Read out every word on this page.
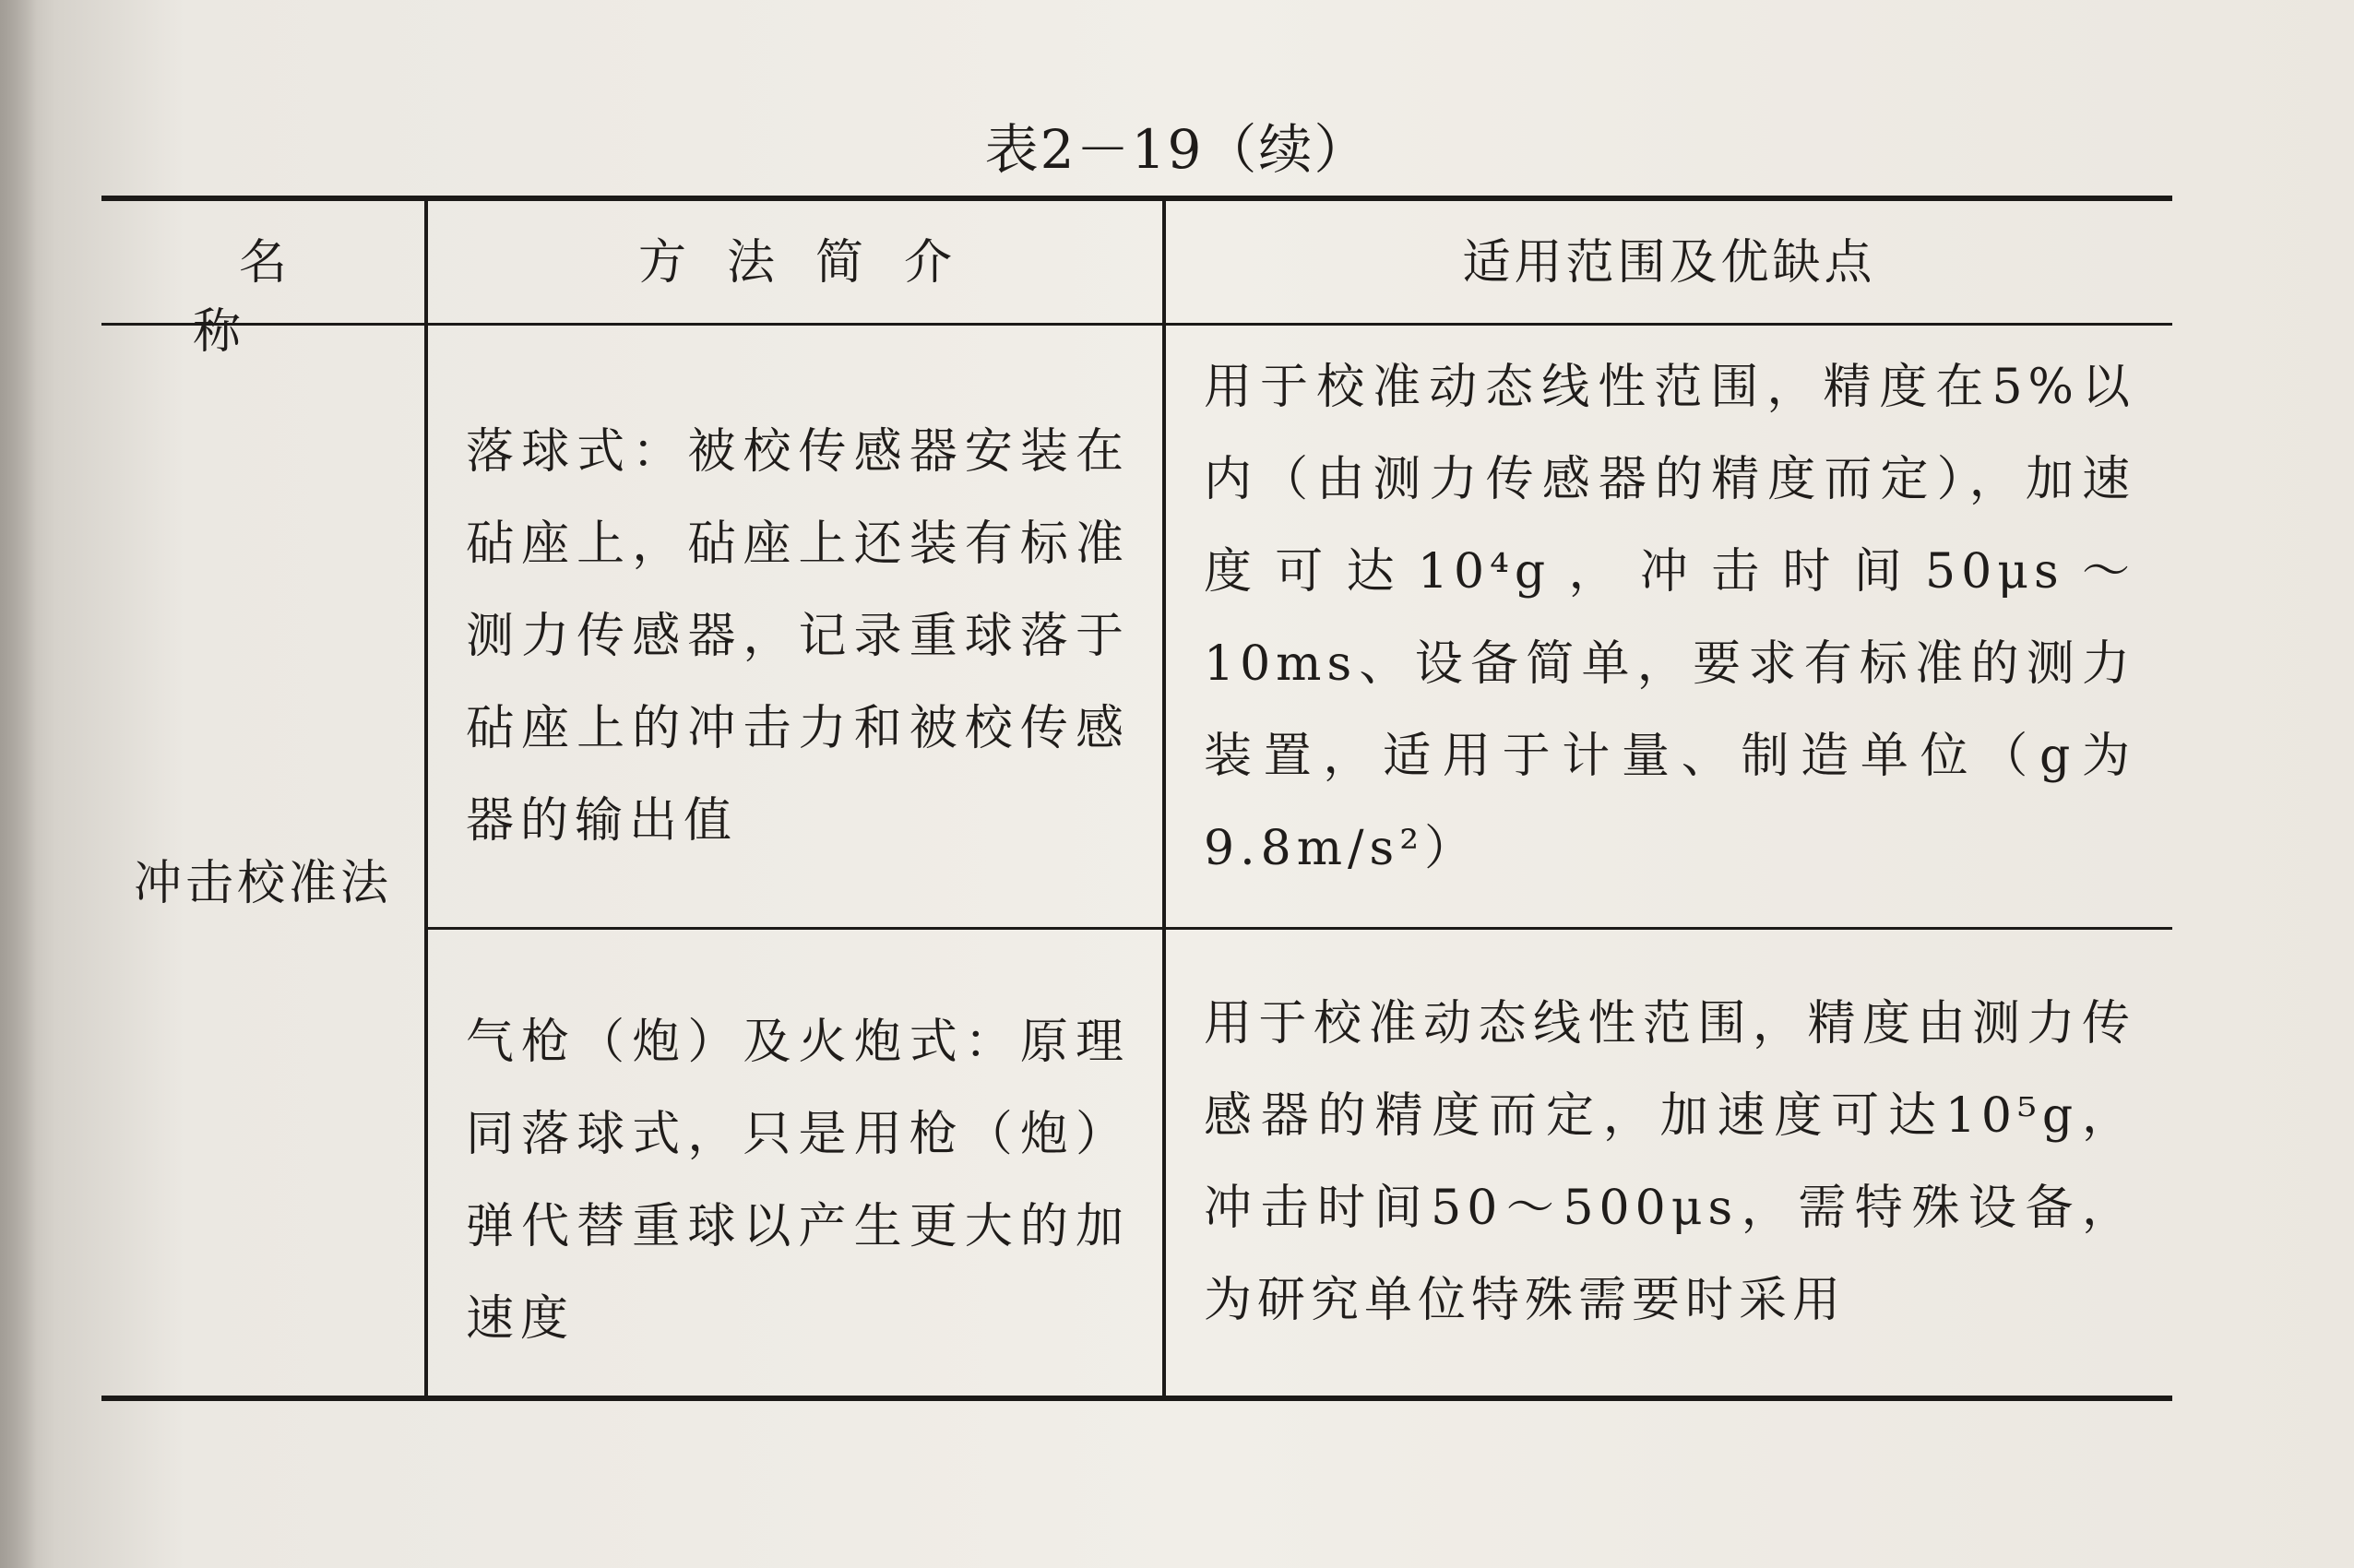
表2－19（续）
名称
方法简介	适用范围及优缺点
冲击校准法
落球式：被校传感器安装在砧座上，砧座上还装有标准测力传感器，记录重球落于砧座上的冲击力和被校传感器的输出值
用于校准动态线性范围，精度在5%以内（由测力传感器的精度而定），加速度可达10⁴g，冲击时间50μs～10ms、设备简单，要求有标准的测力装置，适用于计量、制造单位（g为9.8m/s²）
气枪（炮）及火炮式：原理同落球式，只是用枪（炮）弹代替重球以产生更大的加速度
用于校准动态线性范围，精度由测力传感器的精度而定，加速度可达10⁵g，冲击时间50～500μs，需特殊设备，为研究单位特殊需要时采用
